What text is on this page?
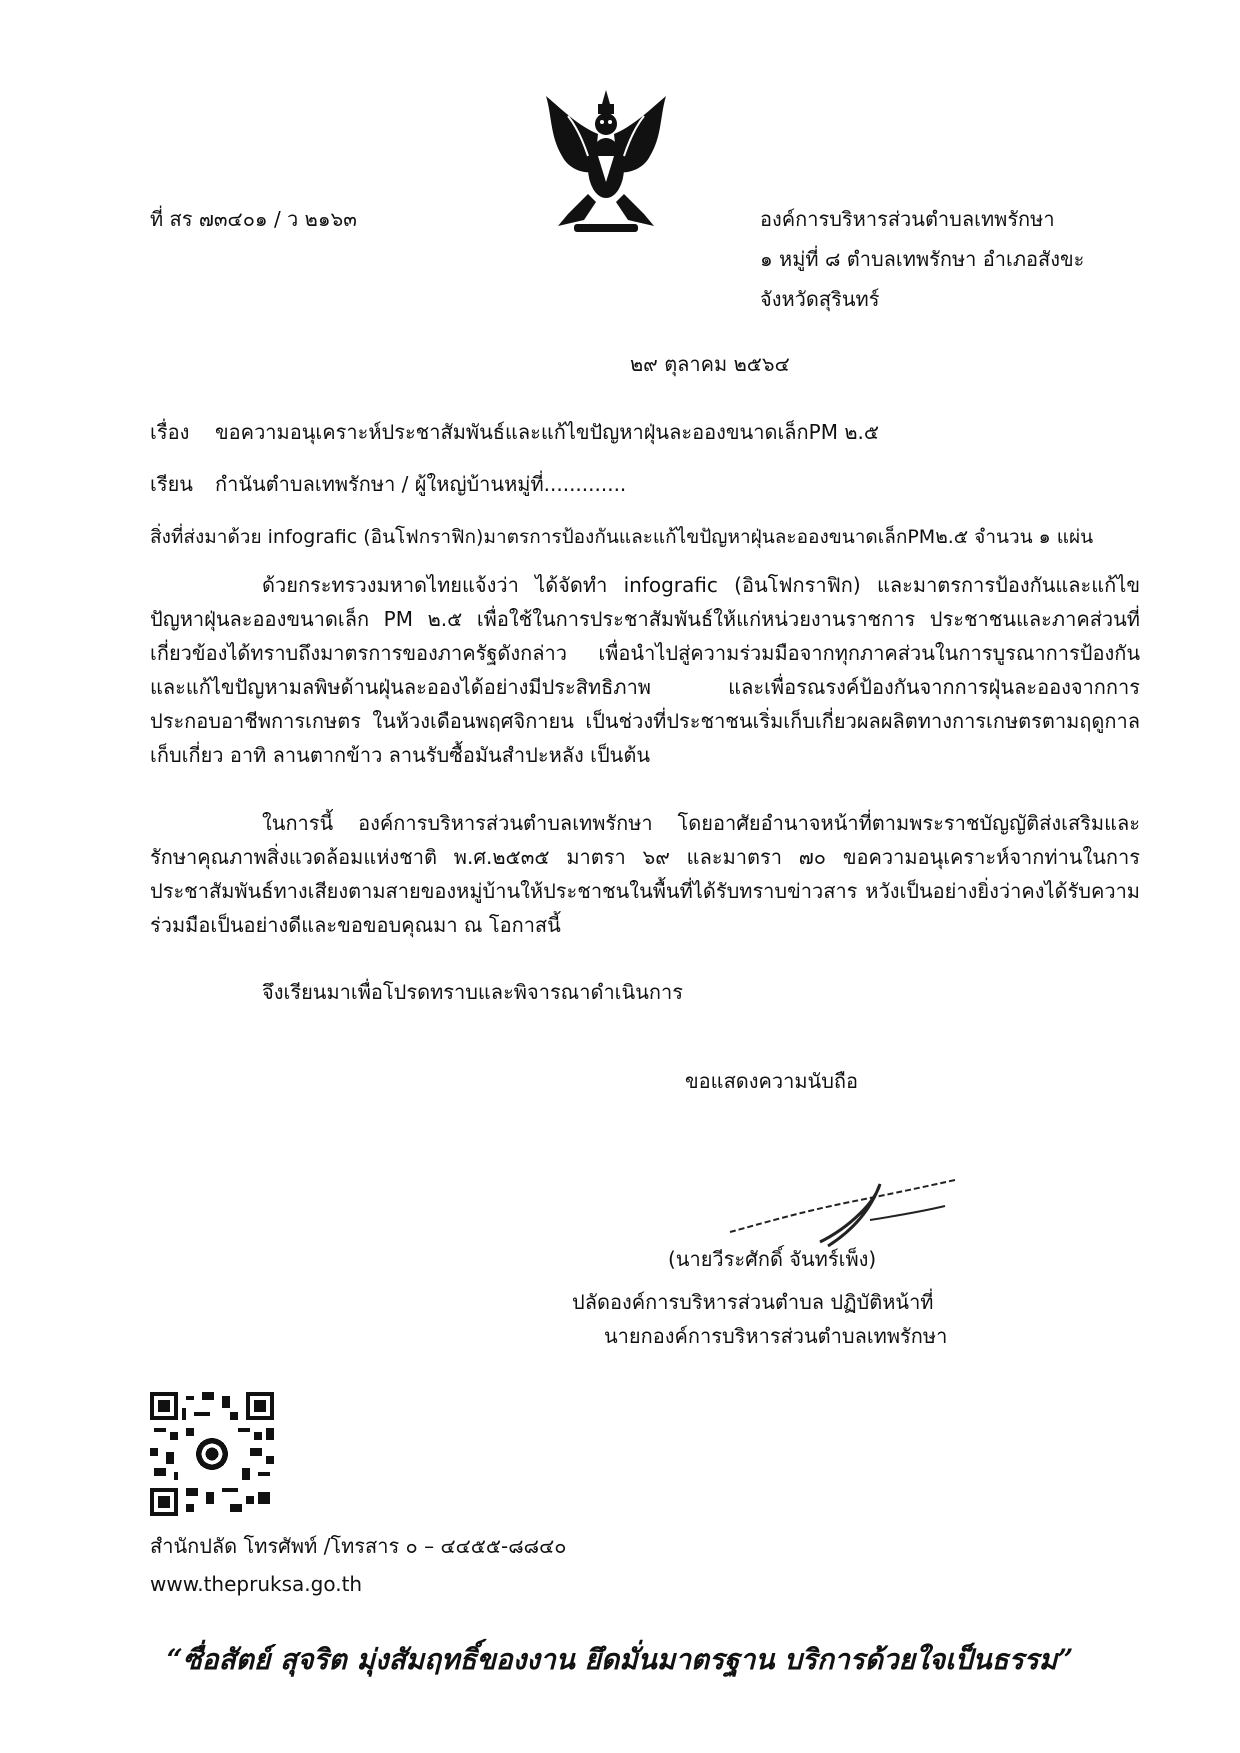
ที่ สร ๗๓๔๐๑ / ว ๒๑๖๓	องค์การบริหารส่วนตำบลเทพรักษา
๑ หมู่ที่ ๘ ตำบลเทพรักษา อำเภอสังขะ
จังหวัดสุรินทร์
๒๙ ตุลาคม ๒๕๖๔
เรื่อง ขอความอนุเคราะห์ประชาสัมพันธ์และแก้ไขปัญหาฝุ่นละอองขนาดเล็กPM ๒.๕
เรียน กำนันตำบลเทพรักษา / ผู้ใหญ่บ้านหมู่ที่.............
สิ่งที่ส่งมาด้วย infografic (อินโฟกราฟิก)มาตรการป้องกันและแก้ไขปัญหาฝุ่นละอองขนาดเล็กPM๒.๕ จำนวน ๑ แผ่น
ด้วยกระทรวงมหาดไทยแจ้งว่า ได้จัดทำ infografic (อินโฟกราฟิก) และมาตรการป้องกันและแก้ไขปัญหาฝุ่นละอองขนาดเล็ก PM ๒.๕ เพื่อใช้ในการประชาสัมพันธ์ให้แก่หน่วยงานราชการ ประชาชนและภาคส่วนที่เกี่ยวข้องได้ทราบถึงมาตรการของภาครัฐดังกล่าว เพื่อนำไปสู่ความร่วมมือจากทุกภาคส่วนในการบูรณาการป้องกันและแก้ไขปัญหามลพิษด้านฝุ่นละอองได้อย่างมีประสิทธิภาพ และเพื่อรณรงค์ป้องกันจากการฝุ่นละอองจากการประกอบอาชีพการเกษตร ในห้วงเดือนพฤศจิกายน เป็นช่วงที่ประชาชนเริ่มเก็บเกี่ยวผลผลิตทางการเกษตรตามฤดูกาลเก็บเกี่ยว อาทิ ลานตากข้าว ลานรับซื้อมันสำปะหลัง เป็นต้น
ในการนี้ องค์การบริหารส่วนตำบลเทพรักษา โดยอาศัยอำนาจหน้าที่ตามพระราชบัญญัติส่งเสริมและรักษาคุณภาพสิ่งแวดล้อมแห่งชาติ พ.ศ.๒๕๓๕ มาตรา ๖๙ และมาตรา ๗๐ ขอความอนุเคราะห์จากท่านในการประชาสัมพันธ์ทางเสียงตามสายของหมู่บ้านให้ประชาชนในพื้นที่ได้รับทราบข่าวสาร หวังเป็นอย่างยิ่งว่าคงได้รับความร่วมมือเป็นอย่างดีและขอขอบคุณมา ณ โอกาสนี้
จึงเรียนมาเพื่อโปรดทราบและพิจารณาดำเนินการ
ขอแสดงความนับถือ
(นายวีระศักดิ์ จันทร์เพ็ง)
ปลัดองค์การบริหารส่วนตำบล ปฏิบัติหน้าที่
นายกองค์การบริหารส่วนตำบลเทพรักษา
สำนักปลัด โทรศัพท์ /โทรสาร ๐ – ๔๔๕๕-๘๘๔๐
www.thepruksa.go.th
“ซื่อสัตย์ สุจริต มุ่งสัมฤทธิ์ของงาน ยึดมั่นมาตรฐาน บริการด้วยใจเป็นธรรม”
